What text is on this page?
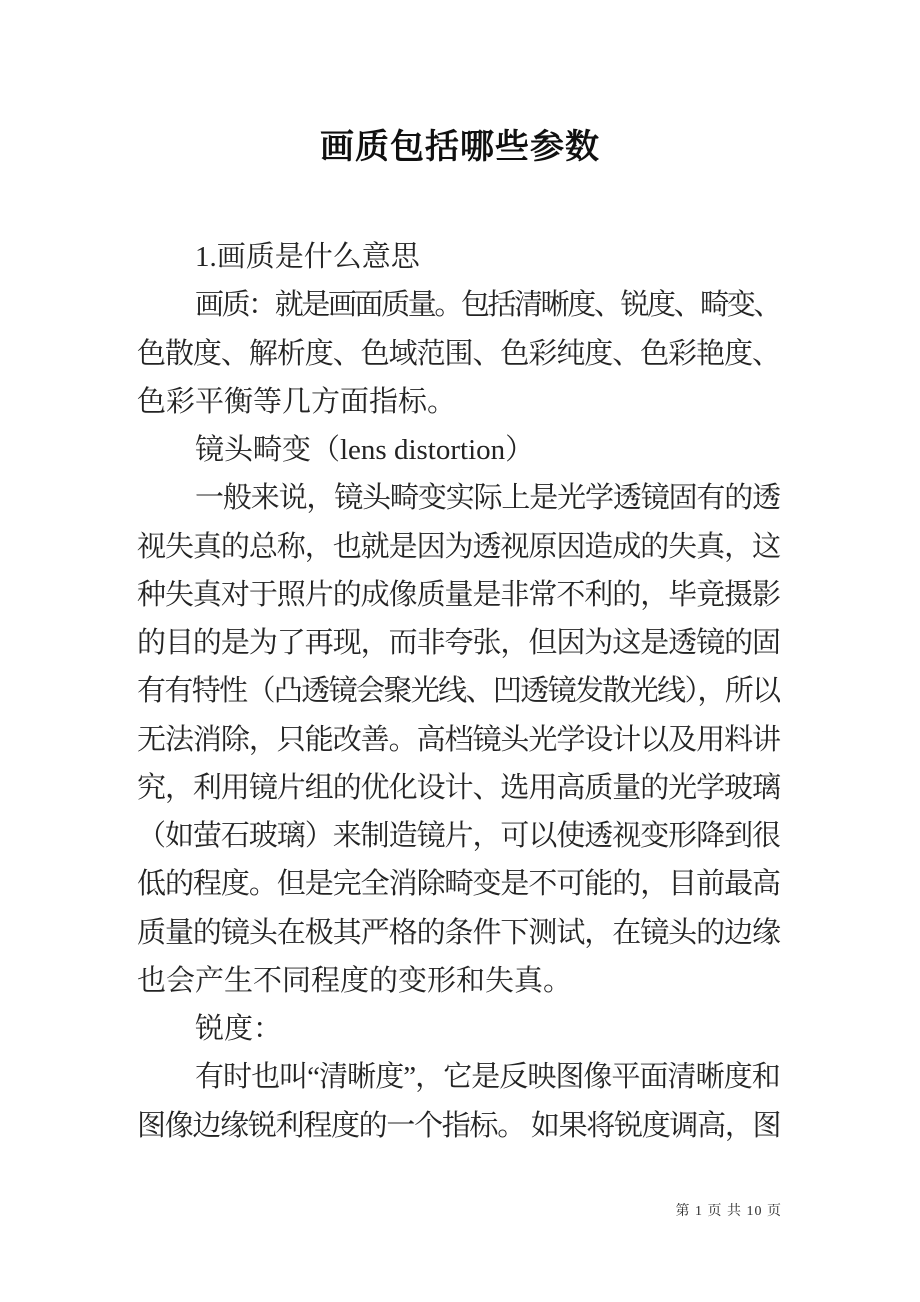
画质包括哪些参数
1.画质是什么意思
画质：就是画面质量。包括清晰度、锐度、畸变、
色散度、解析度、色域范围、色彩纯度、色彩艳度、
色彩平衡等几方面指标。
镜头畸变（lens distortion）
一般来说，镜头畸变实际上是光学透镜固有的透
视失真的总称，也就是因为透视原因造成的失真，这
种失真对于照片的成像质量是非常不利的，毕竟摄影
的目的是为了再现，而非夸张，但因为这是透镜的固
有有特性（凸透镜会聚光线、凹透镜发散光线），所以
无法消除，只能改善。高档镜头光学设计以及用料讲
究，利用镜片组的优化设计、选用高质量的光学玻璃
（如萤石玻璃）来制造镜片，可以使透视变形降到很
低的程度。但是完全消除畸变是不可能的，目前最高
质量的镜头在极其严格的条件下测试，在镜头的边缘
也会产生不同程度的变形和失真。
锐度：
有时也叫“清晰度”，它是反映图像平面清晰度和
图像边缘锐利程度的一个指标。 如果将锐度调高，图
第 1 页 共 10 页
